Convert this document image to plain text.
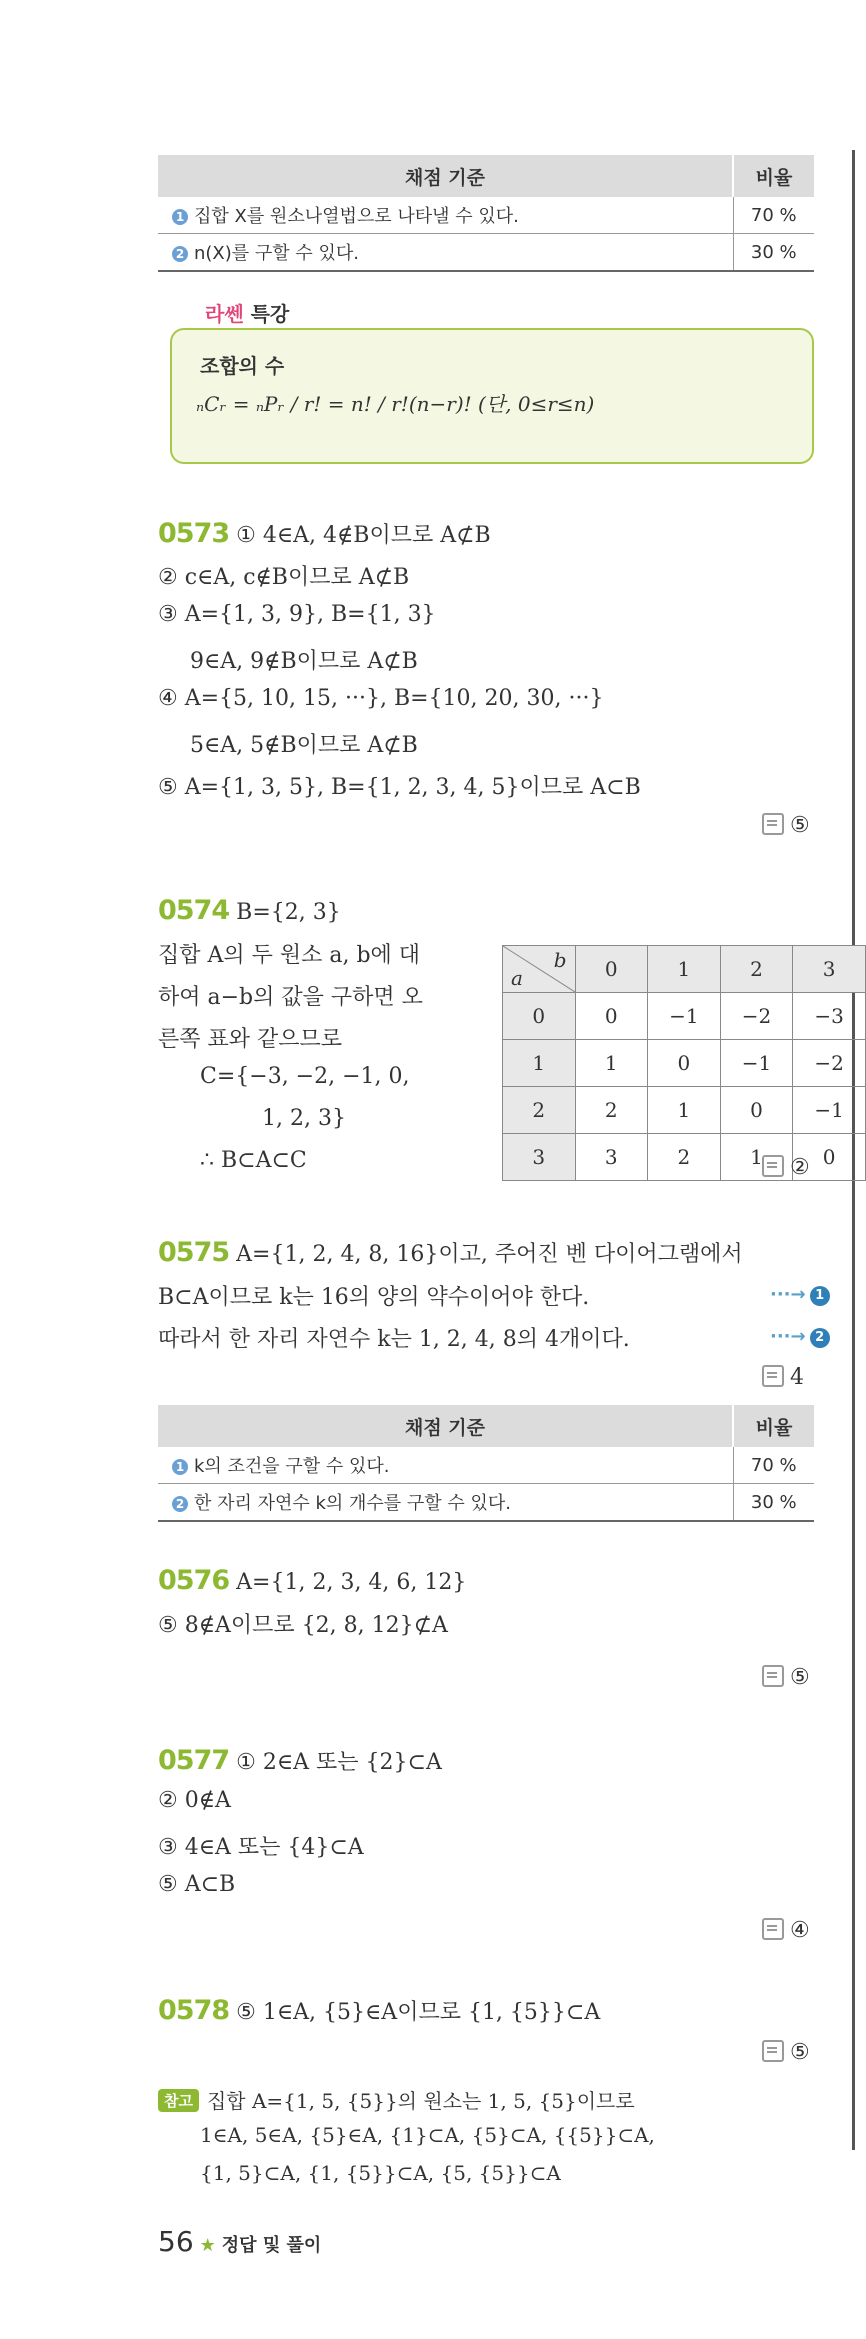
채점 기준	비율
1 집합 X를 원소나열법으로 나타낼 수 있다.	70 %
2 n(X)를 구할 수 있다.	30 %
라쎈 특강
조합의 수
ₙCᵣ = ₙPᵣ / r! = n! / r!(n−r)! (단, 0≤r≤n)
0573 ① 4∈A, 4∉B이므로 A⊄B
② c∈A, c∉B이므로 A⊄B
③ A={1, 3, 9}, B={1, 3}
9∈A, 9∉B이므로 A⊄B
④ A={5, 10, 15, ···}, B={10, 20, 30, ···}
5∈A, 5∉B이므로 A⊄B
⑤ A={1, 3, 5}, B={1, 2, 3, 4, 5}이므로 A⊂B
⑤
0574 B={2, 3}
집합 A의 두 원소 a, b에 대
하여 a−b의 값을 구하면 오
른쪽 표와 같으므로
C={−3, −2, −1, 0,
1, 2, 3}
∴ B⊂A⊂C
b
a	0	1	2	3
0	0	−1	−2	−3
1	1	0	−1	−2
2	2	1	0	−1
3	3	2	1	0
②
0575 A={1, 2, 4, 8, 16}이고, 주어진 벤 다이어그램에서
B⊂A이므로 k는 16의 양의 약수이어야 한다.	···→ 1
따라서 한 자리 자연수 k는 1, 2, 4, 8의 4개이다.	···→ 2
4
채점 기준	비율
1 k의 조건을 구할 수 있다.	70 %
2 한 자리 자연수 k의 개수를 구할 수 있다.	30 %
0576 A={1, 2, 3, 4, 6, 12}
⑤ 8∉A이므로 {2, 8, 12}⊄A
⑤
0577 ① 2∈A 또는 {2}⊂A
② 0∉A
③ 4∈A 또는 {4}⊂A
⑤ A⊂B
④
0578 ⑤ 1∈A, {5}∈A이므로 {1, {5}}⊂A
⑤
참고 집합 A={1, 5, {5}}의 원소는 1, 5, {5}이므로
1∈A, 5∈A, {5}∈A, {1}⊂A, {5}⊂A, {{5}}⊂A,
{1, 5}⊂A, {1, {5}}⊂A, {5, {5}}⊂A
56 ★ 정답 및 풀이
